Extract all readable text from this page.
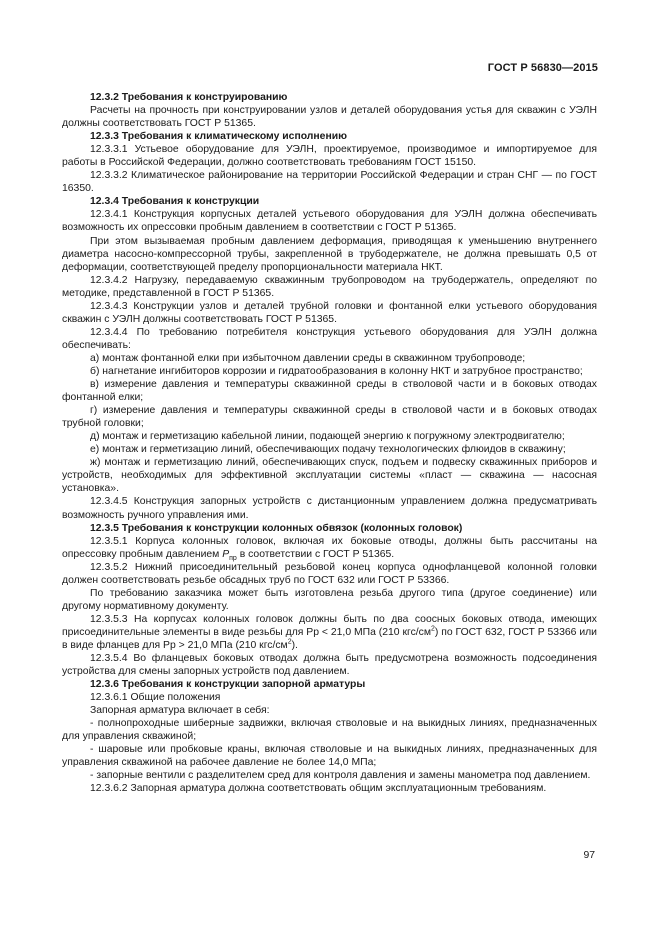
ГОСТ Р 56830—2015
12.3.2 Требования к конструированию
Расчеты на прочность при конструировании узлов и деталей оборудования устья для скважин с УЭЛН должны соответствовать ГОСТ Р 51365.
12.3.3 Требования к климатическому исполнению
12.3.3.1 Устьевое оборудование для УЭЛН, проектируемое, производимое и импортируемое для работы в Российской Федерации, должно соответствовать требованиям ГОСТ 15150.
12.3.3.2 Климатическое районирование на территории Российской Федерации и стран СНГ — по ГОСТ 16350.
12.3.4 Требования к конструкции
12.3.4.1 Конструкция корпусных деталей устьевого оборудования для УЭЛН должна обеспечивать возможность их опрессовки пробным давлением в соответствии с ГОСТ Р 51365.
При этом вызываемая пробным давлением деформация, приводящая к уменьшению внутреннего диаметра насосно-компрессорной трубы, закрепленной в трубодержателе, не должна превышать 0,5 от деформации, соответствующей пределу пропорциональности материала НКТ.
12.3.4.2 Нагрузку, передаваемую скважинным трубопроводом на трубодержатель, определяют по методике, представленной в ГОСТ Р 51365.
12.3.4.3 Конструкции узлов и деталей трубной головки и фонтанной елки устьевого оборудования скважин с УЭЛН должны соответствовать ГОСТ Р 51365.
12.3.4.4 По требованию потребителя конструкция устьевого оборудования для УЭЛН должна обеспечивать:
а) монтаж фонтанной елки при избыточном давлении среды в скважинном трубопроводе;
б) нагнетание ингибиторов коррозии и гидратообразования в колонну НКТ и затрубное пространство;
в) измерение давления и температуры скважинной среды в стволовой части и в боковых отводах фонтанной елки;
г) измерение давления и температуры скважинной среды в стволовой части и в боковых отводах трубной головки;
д) монтаж и герметизацию кабельной линии, подающей энергию к погружному электродвигателю;
е) монтаж и герметизацию линий, обеспечивающих подачу технологических флюидов в скважину;
ж) монтаж и герметизацию линий, обеспечивающих спуск, подъем и подвеску скважинных приборов и устройств, необходимых для эффективной эксплуатации системы «пласт — скважина — насосная установка».
12.3.4.5 Конструкция запорных устройств с дистанционным управлением должна предусматривать возможность ручного управления ими.
12.3.5 Требования к конструкции колонных обвязок (колонных головок)
12.3.5.1 Корпуса колонных головок, включая их боковые отводы, должны быть рассчитаны на опрессовку пробным давлением $P_{пр}$ в соответствии с ГОСТ Р 51365.
12.3.5.2 Нижний присоединительный резьбовой конец корпуса однофланцевой колонной головки должен соответствовать резьбе обсадных труб по ГОСТ 632 или ГОСТ Р 53366.
По требованию заказчика может быть изготовлена резьба другого типа (другое соединение) или другому нормативному документу.
12.3.5.3 На корпусах колонных головок должны быть по два соосных боковых отвода, имеющих присоединительные элементы в виде резьбы для Рр < 21,0 МПа (210 кгс/$см^2$) по ГОСТ 632, ГОСТ Р 53366 или в виде фланцев для Рр > 21,0 МПа (210 кгс/$см^2$).
12.3.5.4 Во фланцевых боковых отводах должна быть предусмотрена возможность подсоединения устройства для смены запорных устройств под давлением.
12.3.6 Требования к конструкции запорной арматуры
12.3.6.1 Общие положения
Запорная арматура включает в себя:
- полнопроходные шиберные задвижки, включая стволовые и на выкидных линиях, предназначенных для управления скважиной;
- шаровые или пробковые краны, включая стволовые и на выкидных линиях, предназначенных для управления скважиной на рабочее давление не более 14,0 МПа;
- запорные вентили с разделителем сред для контроля давления и замены манометра под давлением.
12.3.6.2 Запорная арматура должна соответствовать общим эксплуатационным требованиям.
97
